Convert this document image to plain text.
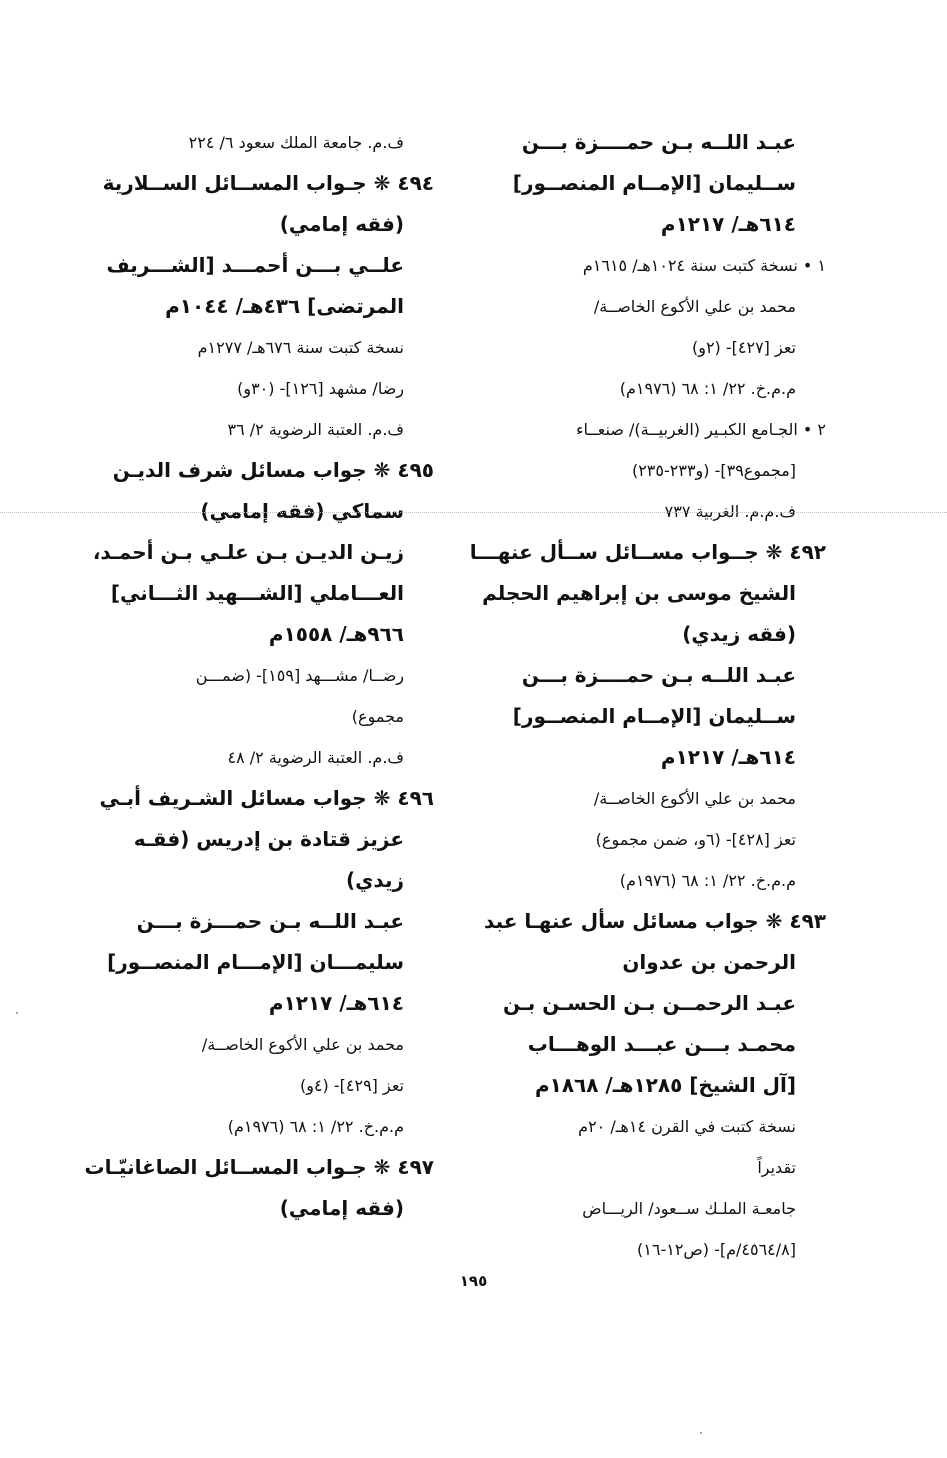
عبـد اللــه بـن حمــــزة بـــن
ســليمان [الإمــام المنصــور]
٦١٤هـ/ ١٢١٧م
١ • نسخة كتبت سنة ١٠٢٤هـ/ ١٦١٥م
محمد بن علي الأكوع الخاصــة/
تعز [٤٢٧]- (٢و)
م.م.خ. ٢٢/ ١: ٦٨ (١٩٧٦م)
٢ • الجـامع الكبـير (الغربيــة)/ صنعــاء
[مجموع٣٩]- (و٢٣٣-٢٣٥)
ف.م.م. الغربية ٧٣٧
٤٩٢ ❋ جــواب مســائل ســأل عنهـــا
الشيخ موسى بن إبراهيم الحجلم
(فقه زيدي)
عبـد اللــه بـن حمــــزة بـــن
ســليمان [الإمــام المنصــور]
٦١٤هـ/ ١٢١٧م
محمد بن علي الأكوع الخاصــة/
تعز [٤٢٨]- (٦و، ضمن مجموع)
م.م.خ. ٢٢/ ١: ٦٨ (١٩٧٦م)
٤٩٣ ❋ جواب مسائل سأل عنهـا عبد
الرحمن بن عدوان
عبـد الرحمــن بـن الحسـن بـن
محمـد بـــن عبـــد الوهـــاب
[آل الشيخ] ١٢٨٥هـ/ ١٨٦٨م
نسخة كتبت في القرن ١٤هـ/ ٢٠م
تقديراً
جامعـة الملـك ســعود/ الريـــاض
[٤٥٦٤/٨/م]- (ص١٢-١٦)
ف.م. جامعة الملك سعود ٦/ ٢٢٤
٤٩٤ ❋ جـواب المســائل الســلارية
(فقه إمامي)
علــي بـــن أحمـــد [الشـــريف
المرتضى] ٤٣٦هـ/ ١٠٤٤م
نسخة كتبت سنة ٦٧٦هـ/ ١٢٧٧م
رضا/ مشهد [١٢٦]- (٣٠و)
ف.م. العتبة الرضوية ٢/ ٣٦
٤٩٥ ❋ جواب مسائل شرف الديـن
سماكي (فقه إمامي)
زيـن الديـن بـن علـي بـن أحمـد،
العـــاملي [الشـــهيد الثـــاني]
٩٦٦هـ/ ١٥٥٨م
رضــا/ مشـــهد [١٥٩]- (ضمـــن
مجموع)
ف.م. العتبة الرضوية ٢/ ٤٨
٤٩٦ ❋ جواب مسائل الشـريف أبـي
عزيز قتادة بن إدريس (فقـه
زيدي)
عبـد اللــه بـن حمـــزة بـــن
سليمـــان [الإمـــام المنصــور]
٦١٤هـ/ ١٢١٧م
محمد بن علي الأكوع الخاصــة/
تعز [٤٢٩]- (٤و)
م.م.خ. ٢٢/ ١: ٦٨ (١٩٧٦م)
٤٩٧ ❋ جـواب المســائل الصاغانيّـات
(فقه إمامي)
١٩٥
